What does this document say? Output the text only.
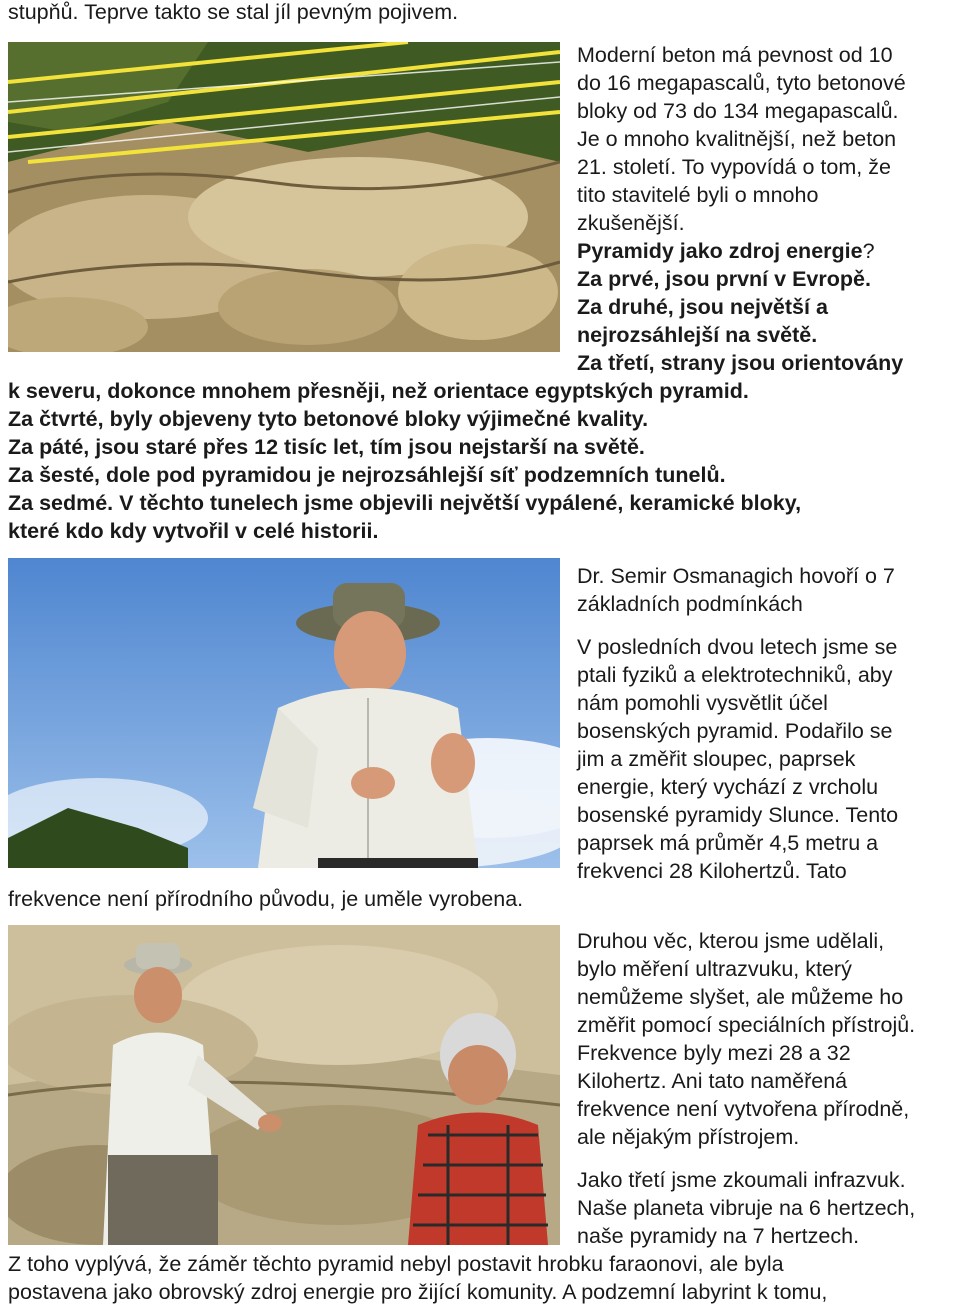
stupňů. Teprve takto se stal jíl pevným pojivem.
Moderní beton má pevnost od 10
do 16 megapascalů, tyto betonové
bloky od 73 do 134 megapascalů.
Je o mnoho kvalitnější, než beton
21. století. To vypovídá o tom, že
tito stavitelé byli o mnoho
zkušenější.
Pyramidy jako zdroj energie?
Za prvé, jsou první v Evropě.
Za druhé, jsou největší a
nejrozsáhlejší na světě.
Za třetí, strany jsou orientovány
k severu, dokonce mnohem přesněji, než orientace egyptských pyramid.
Za čtvrté, byly objeveny tyto betonové bloky výjimečné kvality.
Za páté, jsou staré přes 12 tisíc let, tím jsou nejstarší na světě.
Za šesté, dole pod pyramidou je nejrozsáhlejší síť podzemních tunelů.
Za sedmé. V těchto tunelech jsme objevili největší vypálené, keramické bloky,
které kdo kdy vytvořil v celé historii.
Dr. Semir Osmanagich hovoří o 7
základních podmínkách
V posledních dvou letech jsme se
ptali fyziků a elektrotechniků, aby
nám pomohli vysvětlit účel
bosenských pyramid. Podařilo se
jim a změřit sloupec, paprsek
energie, který vychází z vrcholu
bosenské pyramidy Slunce. Tento
paprsek má průměr 4,5 metru a
frekvenci 28 Kilohertzů. Tato
frekvence není přírodního původu, je uměle vyrobena.
Druhou věc, kterou jsme udělali,
bylo měření ultrazvuku, který
nemůžeme slyšet, ale můžeme ho
změřit pomocí speciálních přístrojů.
Frekvence byly mezi 28 a 32
Kilohertz. Ani tato naměřená
frekvence není vytvořena přírodně,
ale nějakým přístrojem.
Jako třetí jsme zkoumali infrazvuk.
Naše planeta vibruje na 6 hertzech,
naše pyramidy na 7 hertzech.
Z toho vyplývá, že záměr těchto pyramid nebyl postavit hrobku faraonovi, ale byla
postavena jako obrovský zdroj energie pro žijící komunity. A podzemní labyrint k tomu,
